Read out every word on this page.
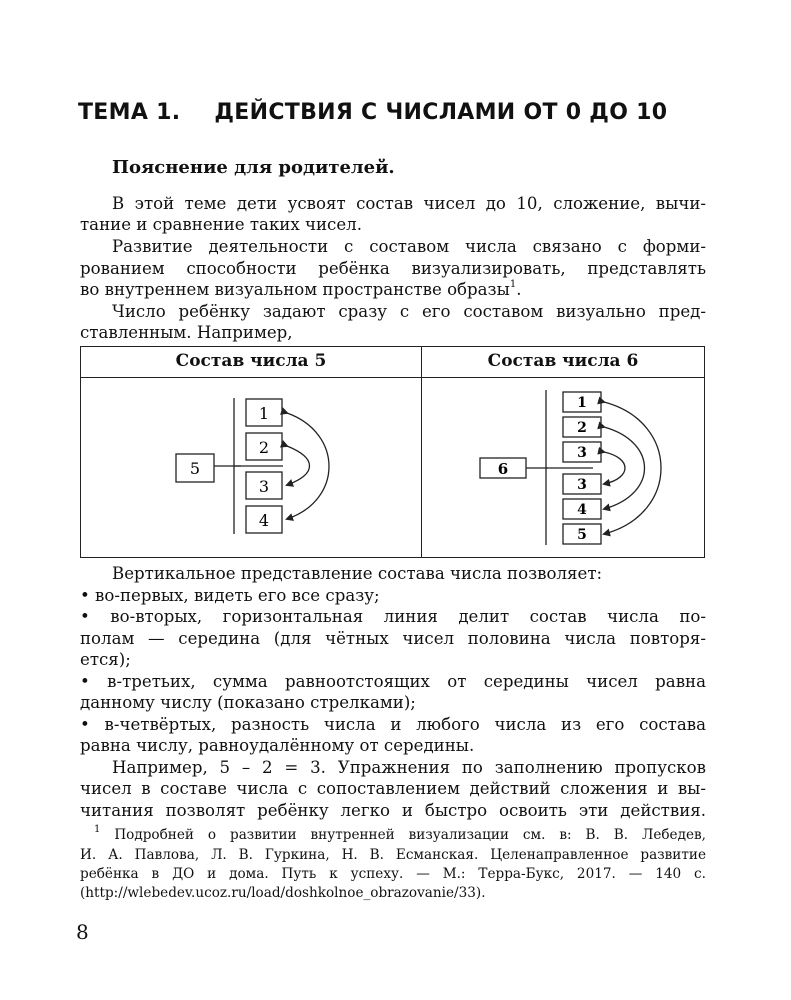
ТЕМА 1. ДЕЙСТВИЯ С ЧИСЛАМИ ОТ 0 ДО 10
Пояснение для родителей.
В этой теме дети усвоят состав чисел до 10, сложение, вычи-
тание и сравнение таких чисел.
Развитие деятельности с составом числа связано с форми-
рованием способности ребёнка визуализировать, представлять
во внутреннем визуальном пространстве образы$^1$.
Число ребёнку задают сразу с его составом визуально пред-
ставленным. Например,
Состав числа 5	Состав числа 6
5
1
2
3
4
6
1
2
3
3
4
5
Вертикальное представление состава числа позволяет:
• во-первых, видеть его все сразу;
• во-вторых, горизонтальная линия делит состав числа по-
полам — середина (для чётных чисел половина числа повторя-
ется);
• в-третьих, сумма равноотстоящих от середины чисел равна
данному числу (показано стрелками);
• в-четвёртых, разность числа и любого числа из его состава
равна числу, равноудалённому от середины.
Например, 5 – 2 = 3. Упражнения по заполнению пропусков
чисел в составе числа с сопоставлением действий сложения и вы-
читания позволят ребёнку легко и быстро освоить эти действия.
$^1$ Подробней о развитии внутренней визуализации см. в: В. В. Лебедев,
И. А. Павлова, Л. В. Гуркина, Н. В. Есманская. Целенаправленное развитие
ребёнка в ДО и дома. Путь к успеху. — М.: Терра-Букс, 2017. — 140 с.
(http://wlebedev.ucoz.ru/load/doshkolnoe_obrazovanie/33).
8
